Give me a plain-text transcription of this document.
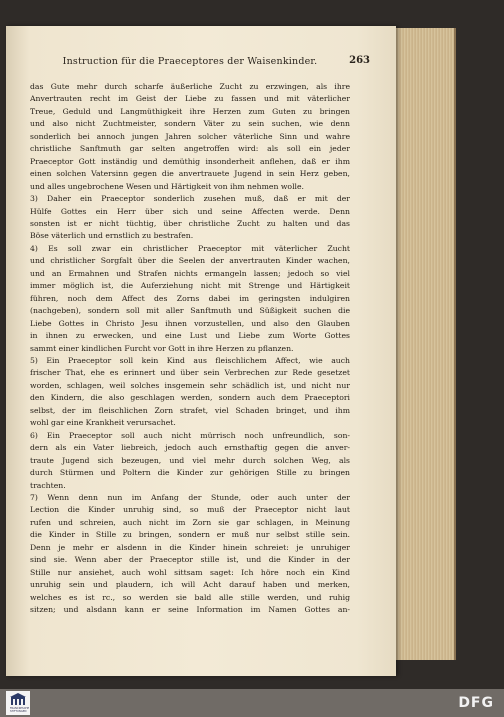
Instruction für die Praeceptores der Waisenkinder.	263
das Gute mehr durch scharfe äußerliche Zucht zu erzwingen, als ihre
Anvertrauten recht im Geist der Liebe zu fassen und mit väterlicher
Treue, Geduld und Langmüthigkeit ihre Herzen zum Guten zu bringen
und also nicht Zuchtmeister, sondern Väter zu sein suchen, wie denn
sonderlich bei annoch jungen Jahren solcher väterliche Sinn und wahre
christliche Sanftmuth gar selten angetroffen wird: als soll ein jeder
Praeceptor Gott inständig und demüthig insonderheit anflehen, daß er ihm
einen solchen Vatersinn gegen die anvertrauete Jugend in sein Herz geben,
und alles ungebrochene Wesen und Härtigkeit von ihm nehmen wolle.
3) Daher ein Praeceptor sonderlich zusehen muß, daß er mit der
Hülfe Gottes ein Herr über sich und seine Affecten werde. Denn
sonsten ist er nicht tüchtig, über christliche Zucht zu halten und das
Böse väterlich und ernstlich zu bestrafen.
4) Es soll zwar ein christlicher Praeceptor mit väterlicher Zucht
und christlicher Sorgfalt über die Seelen der anvertrauten Kinder wachen,
und an Ermahnen und Strafen nichts ermangeln lassen; jedoch so viel
immer möglich ist, die Auferziehung nicht mit Strenge und Härtigkeit
führen, noch dem Affect des Zorns dabei im geringsten indulgiren
(nachgeben), sondern soll mit aller Sanftmuth und Süßigkeit suchen die
Liebe Gottes in Christo Jesu ihnen vorzustellen, und also den Glauben
in ihnen zu erwecken, und eine Lust und Liebe zum Worte Gottes
sammt einer kindlichen Furcht vor Gott in ihre Herzen zu pflanzen.
5) Ein Praeceptor soll kein Kind aus fleischlichem Affect, wie auch
frischer That, ehe es erinnert und über sein Verbrechen zur Rede gesetzet
worden, schlagen, weil solches insgemein sehr schädlich ist, und nicht nur
den Kindern, die also geschlagen werden, sondern auch dem Praeceptori
selbst, der im fleischlichen Zorn strafet, viel Schaden bringet, und ihm
wohl gar eine Krankheit verursachet.
6) Ein Praeceptor soll auch nicht mürrisch noch unfreundlich, son-
dern als ein Vater liebreich, jedoch auch ernsthaftig gegen die anver-
traute Jugend sich bezeugen, und viel mehr durch solchen Weg, als
durch Stürmen und Poltern die Kinder zur gehörigen Stille zu bringen
trachten.
7) Wenn denn nun im Anfang der Stunde, oder auch unter der
Lection die Kinder unruhig sind, so muß der Praeceptor nicht laut
rufen und schreien, auch nicht im Zorn sie gar schlagen, in Meinung
die Kinder in Stille zu bringen, sondern er muß nur selbst stille sein.
Denn je mehr er alsdenn in die Kinder hinein schreiet: je unruhiger
sind sie. Wenn aber der Praeceptor stille ist, und die Kinder in der
Stille nur ansiehet, auch wohl sittsam saget: Ich höre noch ein Kind
unruhig sein und plaudern, ich will Acht darauf haben und merken,
welches es ist rc., so werden sie bald alle stille werden, und ruhig
sitzen; und alsdann kann er seine Information im Namen Gottes an-
FRANCKESCHE STIFTUNGEN
DFG
